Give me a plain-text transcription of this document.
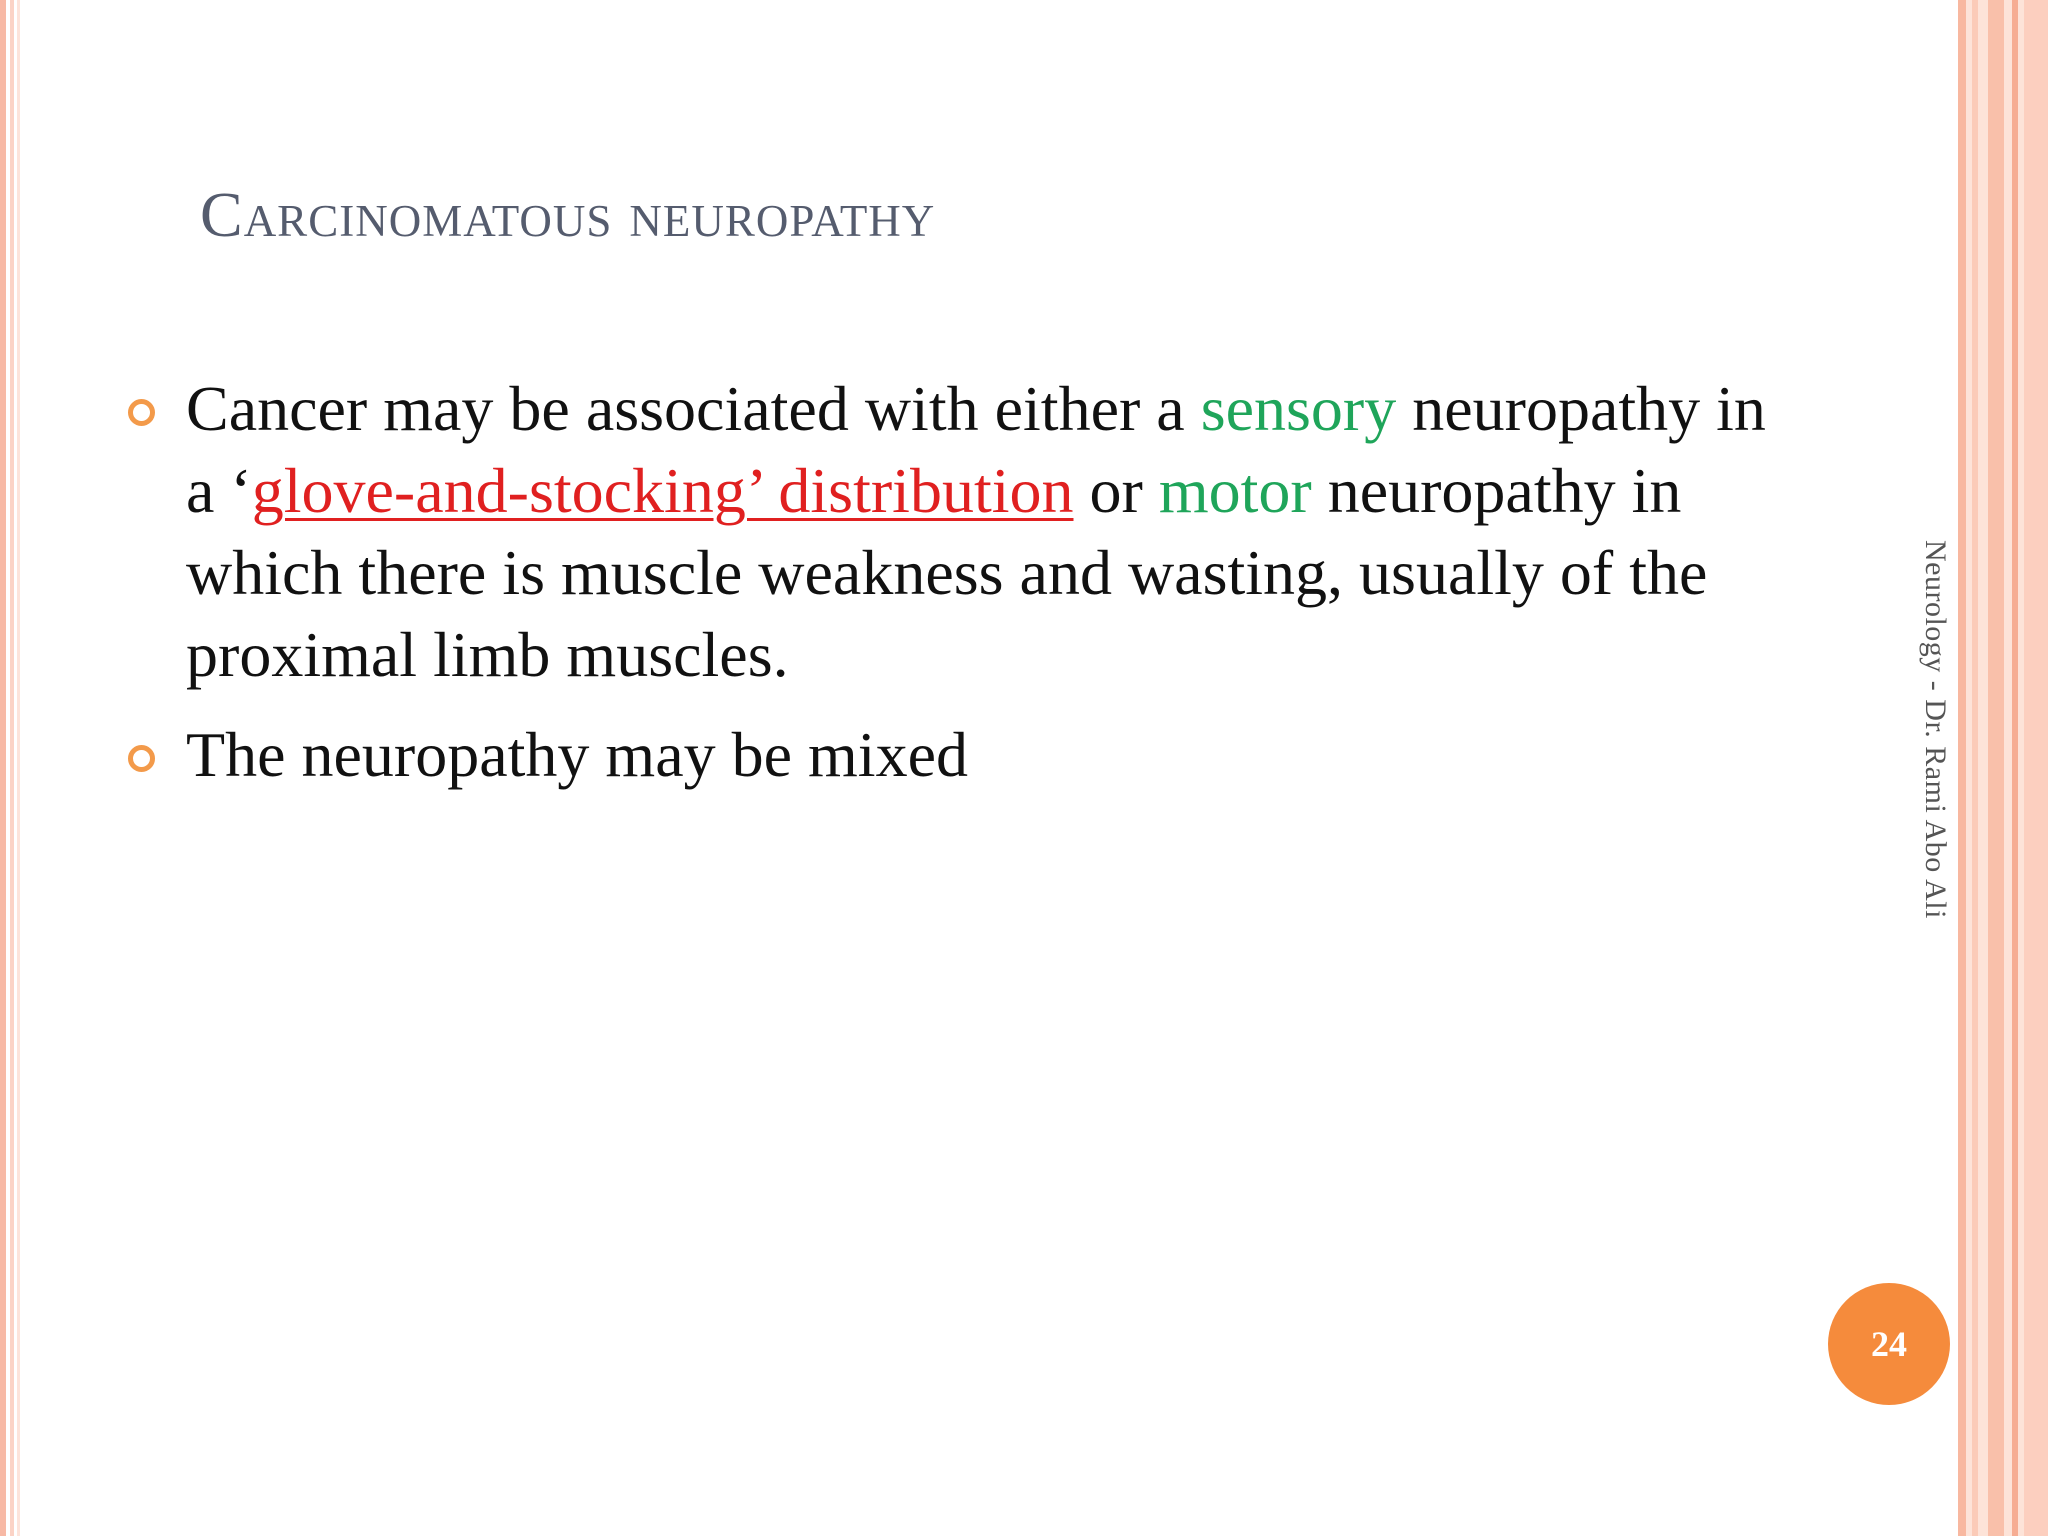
Carcinomatous neuropathy
Cancer may be associated with either a sensory neuropathy in a ‘glove-and-stocking’ distribution or motor neuropathy in which there is muscle weakness and wasting, usually of the proximal limb muscles.
The neuropathy may be mixed	Neurology - Dr. Rami Abo Ali
24
